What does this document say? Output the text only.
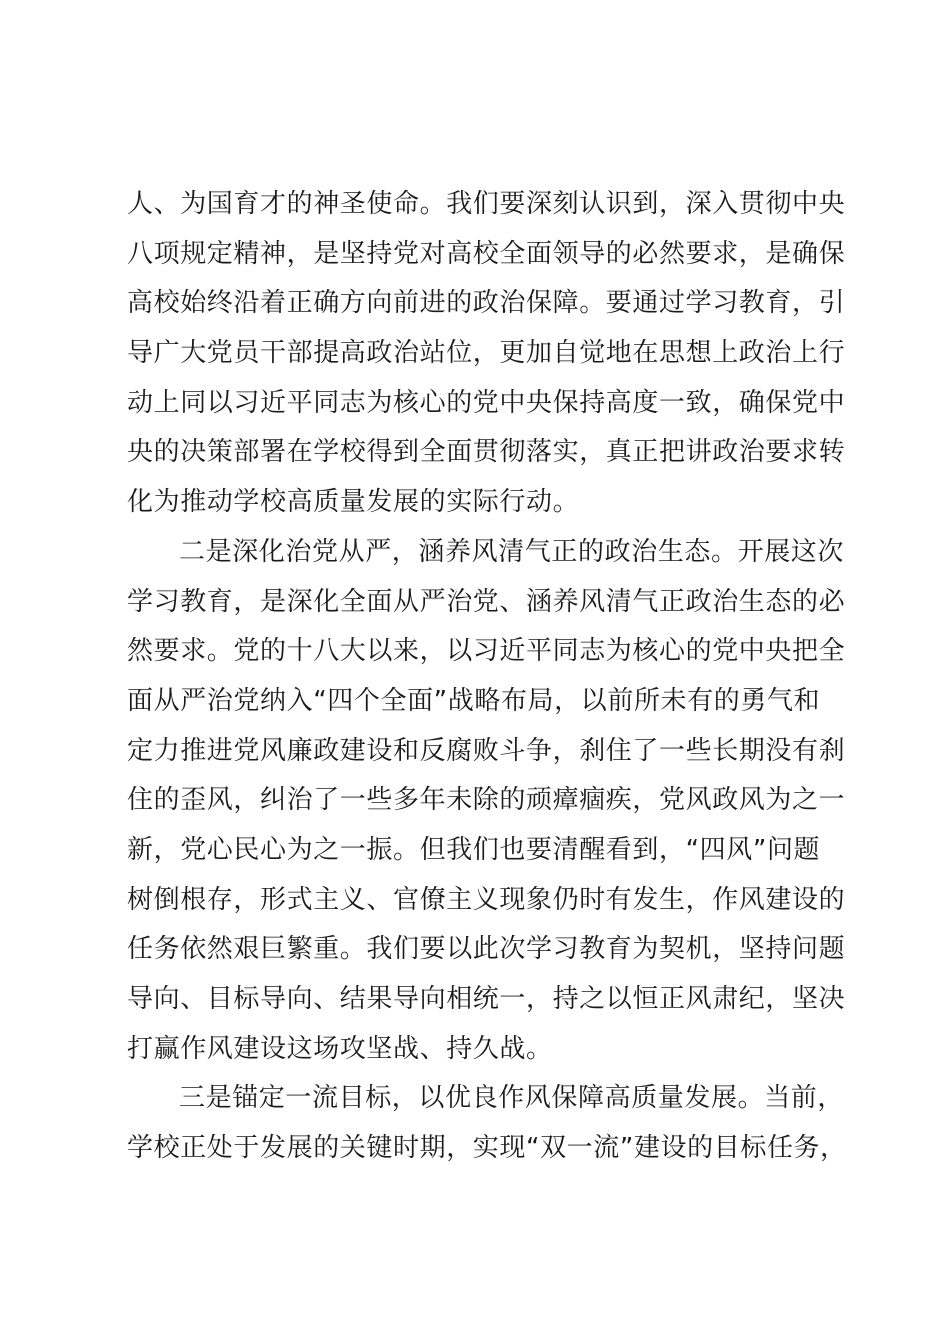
人、为国育才的神圣使命。我们要深刻认识到，深入贯彻中央
八项规定精神，是坚持党对高校全面领导的必然要求，是确保
高校始终沿着正确方向前进的政治保障。要通过学习教育，引
导广大党员干部提高政治站位，更加自觉地在思想上政治上行
动上同以习近平同志为核心的党中央保持高度一致，确保党中
央的决策部署在学校得到全面贯彻落实，真正把讲政治要求转
化为推动学校高质量发展的实际行动。
二是深化治党从严，涵养风清气正的政治生态。开展这次
学习教育，是深化全面从严治党、涵养风清气正政治生态的必
然要求。党的十八大以来，以习近平同志为核心的党中央把全
面从严治党纳入“四个全面”战略布局，以前所未有的勇气和
定力推进党风廉政建设和反腐败斗争，刹住了一些长期没有刹
住的歪风，纠治了一些多年未除的顽瘴痼疾，党风政风为之一
新，党心民心为之一振。但我们也要清醒看到，“四风”问题
树倒根存，形式主义、官僚主义现象仍时有发生，作风建设的
任务依然艰巨繁重。我们要以此次学习教育为契机，坚持问题
导向、目标导向、结果导向相统一，持之以恒正风肃纪，坚决
打赢作风建设这场攻坚战、持久战。
三是锚定一流目标，以优良作风保障高质量发展。当前，
学校正处于发展的关键时期，实现“双一流”建设的目标任务，
